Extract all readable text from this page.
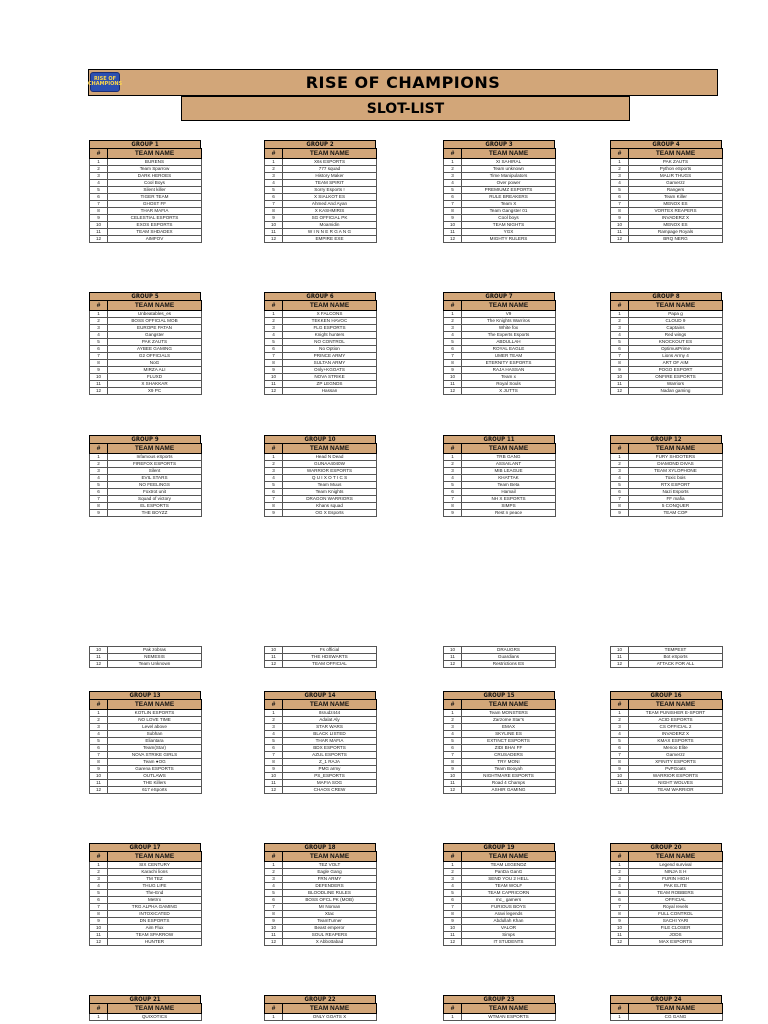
RISE OF CHAMPIONS
RISE OF
CHAMPIONS
SLOT-LIST
GROUP 1
#	TEAM NAME
1	BURENS
2	Team Sparrow
3	DARK HEROES
4	Cool Boys
5	Silent killer
6	TIGER TEAM
7	GHOST FF
8	THAR MAFIA
9	CELESTIAL ESPORTS
10	EXOS ESPORTS
11	TEAM SHDADEX
12	AIMFOV
GROUP 2
#	TEAM NAME
1	X6s ESPORTS
2	777 squad
3	History Maker
4	TEAM SPIRIT
5	Sorry Esports !
6	X SIALKOT ES
7	Ahmed And Ayan
8	X KASHMIRIS
9	SG OFFICIAL PK
10	Moamidin
11	W I N N E R G A N G
12	EMPIRE EXE
GROUP 3
#	TEAM NAME
1	XI SAHIRAL
2	Team unknown
3	Time Manipulators
4	Over power
5	PREMIUMZ ESPORTS
6	RULE BREAKERS
7	Team X
8	Team Gangster 01
9	Cool boys
10	TEAM NIGHTS
11	YGX
12	MIGHTY RULERS
GROUP 4
#	TEAM NAME
1	PAK ZAUTS
2	Python eSports
3	MALIR THUGS
4	Gamerzz
5	Rangers
6	Team Killer
7	MENOX ES
8	VORTEX REAPERS
9	INVADERZ X
10	MENOX ES
11	Rampage Royals
12	BRQ NERG
GROUP 5
#	TEAM NAME
1	Unbeatables_es
2	BOSS OFFICIAL MOB
3	EUROPE PATAN
4	Gangster
5	PAK ZAUTS
6	AYBEE GAMING
7	G2 OFFICIALS
8	NoG
9	MIRZA ALI
10	FLUXD
11	X SHAKKAR
12	X9 PC
GROUP 6
#	TEAM NAME
1	X FALCONS
2	TEKKEN HAVOC
3	FLG ESPORTS
4	Knight hunters
5	NO CONTROL
6	No Option
7	PRINCE ARMY
8	SULTAN ARMY
9	Only+KGOATS
10	NOVA STRIKE
11	ZP LEGNDS
12	Hassan
GROUP 7
#	TEAM NAME
1	V9
2	The Knights Warriros
3	White fox
4	The Experts Esports
5	ABDULLAH
6	ROYAL EAGLE
7	UMER TEAM
8	ETERNITY ESPORTS
9	RAJA HASSAN
10	Team x
11	Royal Souls
12	X JUTTS
GROUP 8
#	TEAM NAME
1	Papa g
2	CLOUD 9
3	Captains
4	Red wings
5	KNOCKOUT ES
6	OptimusPrime
7	Lions Army 4
8	ART OF AIM
9	POGO ESPORT
10	ONFIRE ESPORTS
11	Warriors
12	Nadan gaming
GROUP 9
#	TEAM NAME
1	Infamous eSports
2	FIREFOX ESPORTS
3	Silent
4	EVIL STARS
5	NO FEELINGS
6	Foxtrot unit
7	Squad of victory
8	EL ESPORTS
9	THE BOYZZ
GROUP 10
#	TEAM NAME
1	Head N Dead
2	GUNAA4040W
3	WARRIOR ESPORTS
4	Q U I X O T I C S
5	Team Muus
6	Team Knights
7	DRAGON WARRIORS
8	Khans squad
9	OG X Esports
GROUP 11
#	TEAM NAME
1	TRB GANG
2	ASSAILANT
3	MIB LEAGUE
4	KHATTAK
5	Team Beta
6	Hamail
7	NH X ESPORTS
8	SIMPS
9	Rest n peace
GROUP 12
#	TEAM NAME
1	FURY SHOOTERS
2	DIAMOND DIVAS
3	TEAM XYLOPHONE
4	Toxic bois
5	RTX ESPORT
6	Nazi Esports
7	FF mafia
8	5 CONQUER
9	TEAM COP
10	Pak zobras
11	NEMESIS
12	Team Unknown
10	Fs official
11	THE HDSWARTS
12	TEAM OFFICIAL
10	DRAUGRS
11	Guardians
12	Restrictions ES
10	TEMPEST
11	Bot eSports
12	ATTACK FOR ALL
GROUP 13
#	TEAM NAME
1	KOTLIN ESPORTS
2	NO LOVE TIME
3	Level above
4	Subhan
5	Eliantara
6	Team(Star)
7	NOVA STRIKE GIRLS
8	Team ●OG
9	Garena ESPORTS
10	OUTLAWS
11	THE Killers
12	617 eSports
GROUP 14
#	TEAM NAME
1	Itsrudz444
2	Adalat Aly
3	STAR WARS
4	BLACK LISTED
5	THAR MAFIA
6	BDX ESPORTS
7	AZUL ESPORTS
8	Z_1 RAJA
9	PMG army
10	PS_ESPORTS
11	MAFIA SOG
12	CHAOS CREW
GROUP 15
#	TEAM NAME
1	Team MONSTERS
2	Zarzome Star's
3	EMAX
4	SKYLINE ES
5	EXTINCT ESPORTS
6	ZIDI BHAI FF
7	CRUSADERS
8	TRY MONI
9	Team Booyah
10	NIGHTMARE ESPORTS
11	Road 4 Champs
12	ASHIR GAMING
GROUP 16
#	TEAM NAME
1	TEAM PUNISHER E-SPORT
2	ACID ESPORTS
3	CS OFFICIAL 2
4	INVADERZ X
5	KMAX ESPORTS
6	Menoo Elite
7	Gamerzz
8	XFINITY ESPORTS
9	PvPGoats
10	WARRIOR ESPORTS
11	NIGHT WOLVES
12	TEAM WARRIOR
GROUP 17
#	TEAM NAME
1	SIX CENTURY
2	Karachi lions
3	TM TEZ
4	THUG LIFE
5	The-End
6	Metrrx
7	TRG ALPHA GAMING
8	INTOXICATED
9	DN ESPORTS
10	Aim Flux
11	TEAM SPARROW
12	HUNTER
GROUP 18
#	TEAM NAME
1	TEZ VOLT
2	Eagle Gang
3	FRN ARMY
4	DEFENDERS
5	BLOODLINE RULES
6	BOSS OFCL PK (MOB)
7	Mr Noman
8	Xtac
9	TeamTurner
10	Beast emperor
11	SOUL REAPERS
12	X Abbottabad
GROUP 19
#	TEAM NAME
1	TEAM LEGENDZ
2	PanDa GanG
3	SEND YOU 2 HELL
4	TEAM WOLF
5	TEAM CAPRICORN
6	mc_ gamers
7	FURIOUS BOYS
8	Aravi legends
9	Abdullah Khan
10	VALOR
11	Simps
12	IT STUDENTS
GROUP 20
#	TEAM NAME
1	Legend survival
2	NINJA S H
3	FURIN HIGH
4	PAK ELITE
5	TEAM ROBBERS
6	OFFICIAL
7	Royal revels
8	FULL CONTROL
9	SACHI YARI
10	FILE CLOSER
11	JODS
12	MAX ESPORTS
GROUP 21
#	TEAM NAME
1	QUIXOTICS
GROUP 22
#	TEAM NAME
1	ONLY GOATS X
GROUP 23
#	TEAM NAME
1	WTMAN ESPORTS
GROUP 24
#	TEAM NAME
1	CG GANG
